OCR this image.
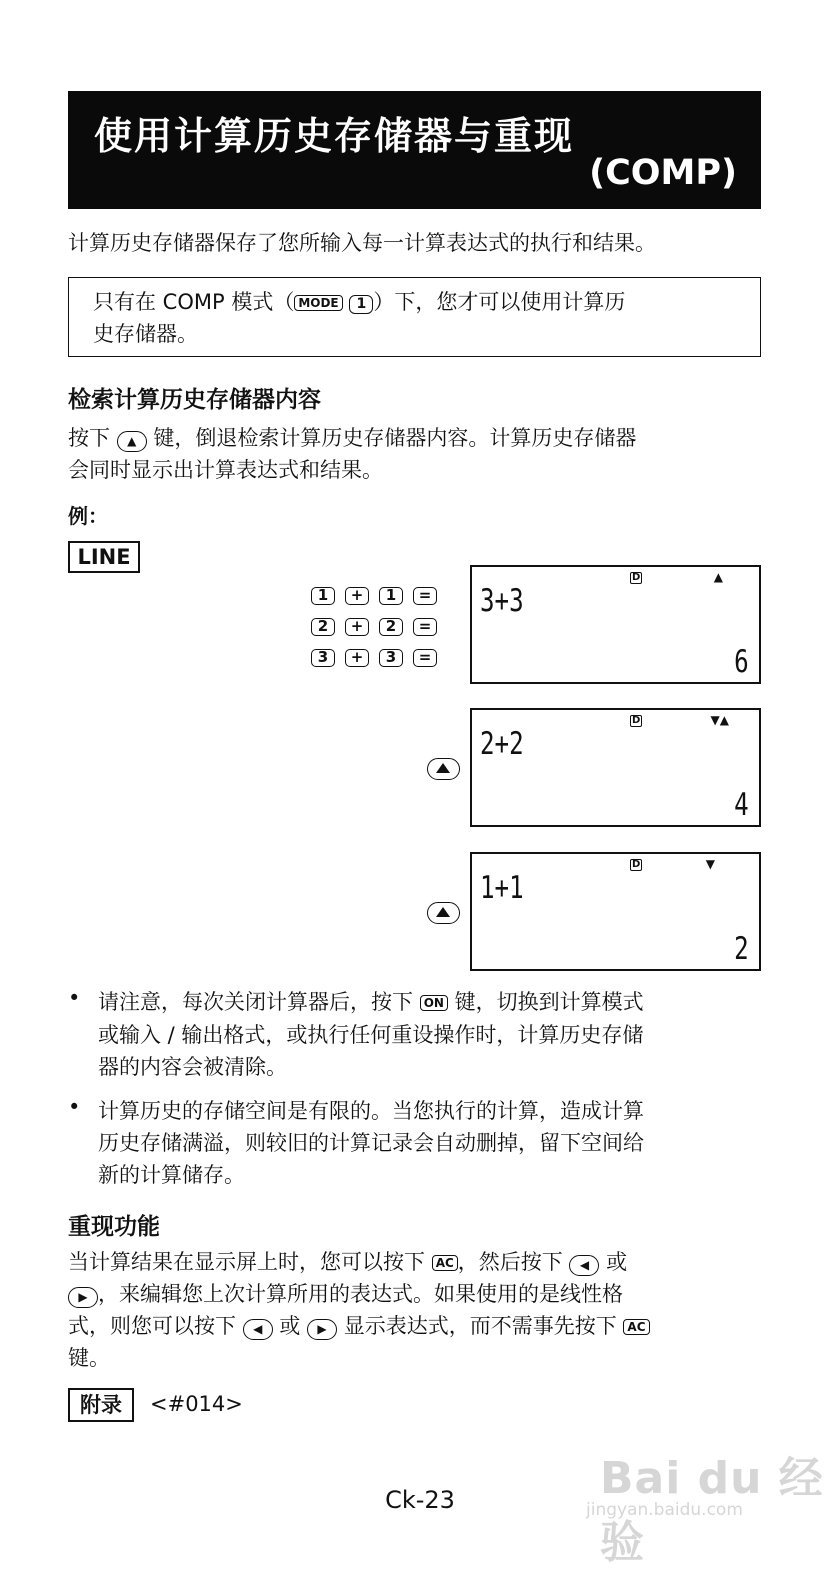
使用计算历史存储器与重现
(COMP)
计算历史存储器保存了您所输入每一计算表达式的执行和结果。
只有在 COMP 模式（ MODE 1 ）下，您才可以使用计算历
史存储器。
检索计算历史存储器内容
按下 ▲ 键，倒退检索计算历史存储器内容。计算历史存储器
会同时显示出计算表达式和结果。
例：
LINE
1	+	1	=
2	+	2	=
3	+	3	=
D	▲
3+3
6
D	▼▲
2+2
4
D	▼
1+1
2
• 请注意，每次关闭计算器后，按下 ON 键，切换到计算模式
或输入 / 输出格式，或执行任何重设操作时，计算历史存储
器的内容会被清除。
• 计算历史的存储空间是有限的。当您执行的计算，造成计算
历史存储满溢，则较旧的计算记录会自动删掉，留下空间给
新的计算储存。
重现功能
当计算结果在显示屏上时，您可以按下 AC ，然后按下 ◀ 或
▶ ，来编辑您上次计算所用的表达式。如果使用的是线性格
式，则您可以按下 ◀ 或 ▶ 显示表达式，而不需事先按下 AC
键。
附录	<#014>
Ck-23	Bai du 经验
jingyan.baidu.com
